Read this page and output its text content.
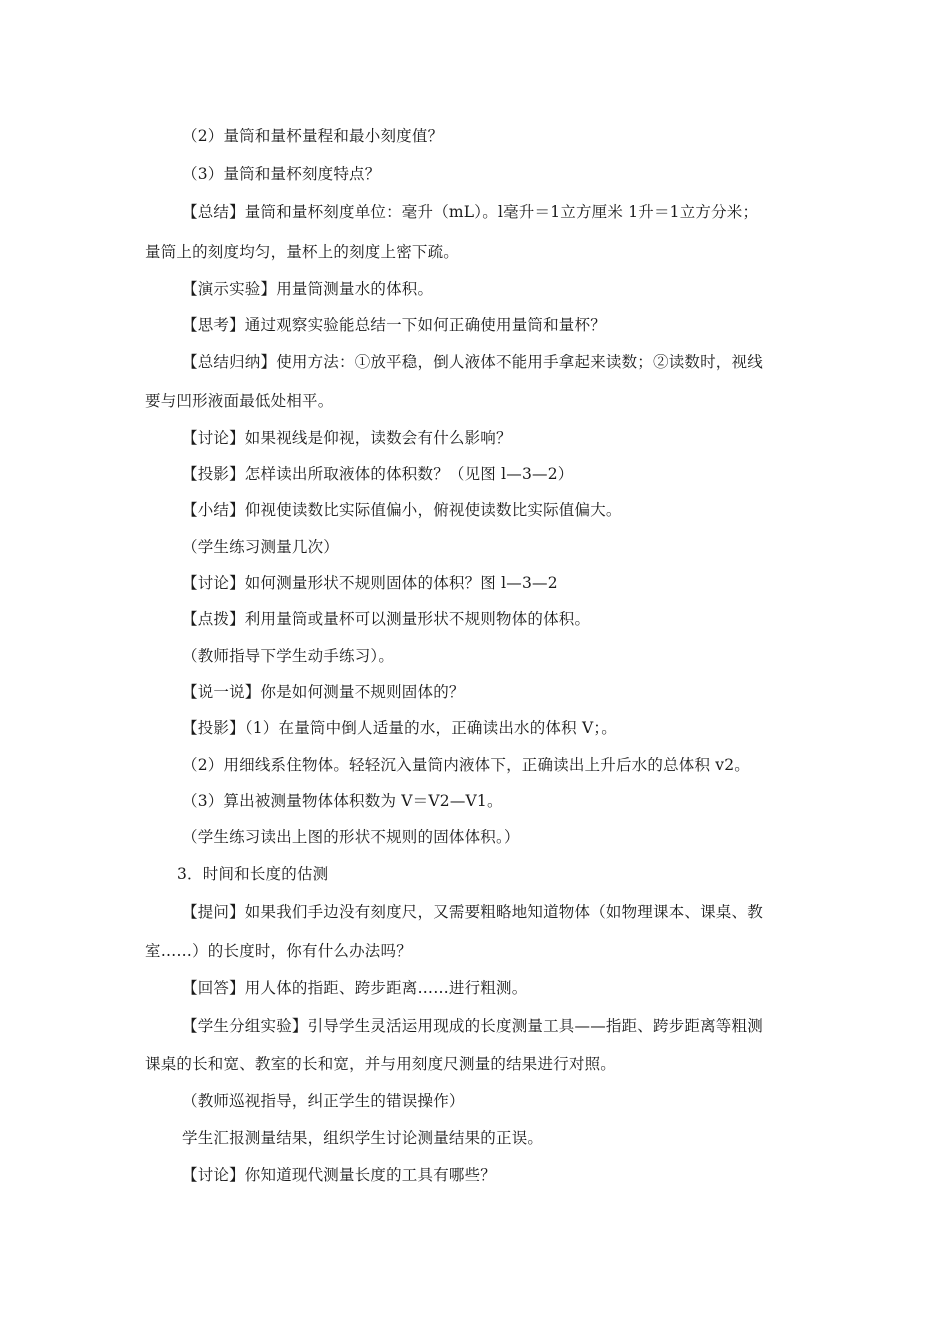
（2）量筒和量杯量程和最小刻度值？
（3）量筒和量杯刻度特点？
【总结】量筒和量杯刻度单位：毫升（mL）。l毫升＝1立方厘米 1升＝1立方分米；
量筒上的刻度均匀，量杯上的刻度上密下疏。
【演示实验】用量筒测量水的体积。
【思考】通过观察实验能总结一下如何正确使用量筒和量杯？
【总结归纳】使用方法：①放平稳，倒人液体不能用手拿起来读数；②读数时，视线
要与凹形液面最低处相平。
【讨论】如果视线是仰视，读数会有什么影响？
【投影】怎样读出所取液体的体积数？（见图 l—3—2）
【小结】仰视使读数比实际值偏小，俯视使读数比实际值偏大。
（学生练习测量几次）
【讨论】如何测量形状不规则固体的体积？图 l—3—2
【点拨】利用量筒或量杯可以测量形状不规则物体的体积。
（教师指导下学生动手练习）。
【说一说】你是如何测量不规则固体的？
【投影】（1）在量筒中倒人适量的水，正确读出水的体积 V；。
（2）用细线系住物体。轻轻沉入量筒内液体下，正确读出上升后水的总体积 v2。
（3）算出被测量物体体积数为 V＝V2—V1。
（学生练习读出上图的形状不规则的固体体积。）
3．时间和长度的估测
【提问】如果我们手边没有刻度尺，又需要粗略地知道物体（如物理课本、课桌、教
室……）的长度时，你有什么办法吗？
【回答】用人体的指距、跨步距离……进行粗测。
【学生分组实验】引导学生灵活运用现成的长度测量工具——指距、跨步距离等粗测
课桌的长和宽、教室的长和宽，并与用刻度尺测量的结果进行对照。
（教师巡视指导，纠正学生的错误操作）
学生汇报测量结果，组织学生讨论测量结果的正误。
【讨论】你知道现代测量长度的工具有哪些？
